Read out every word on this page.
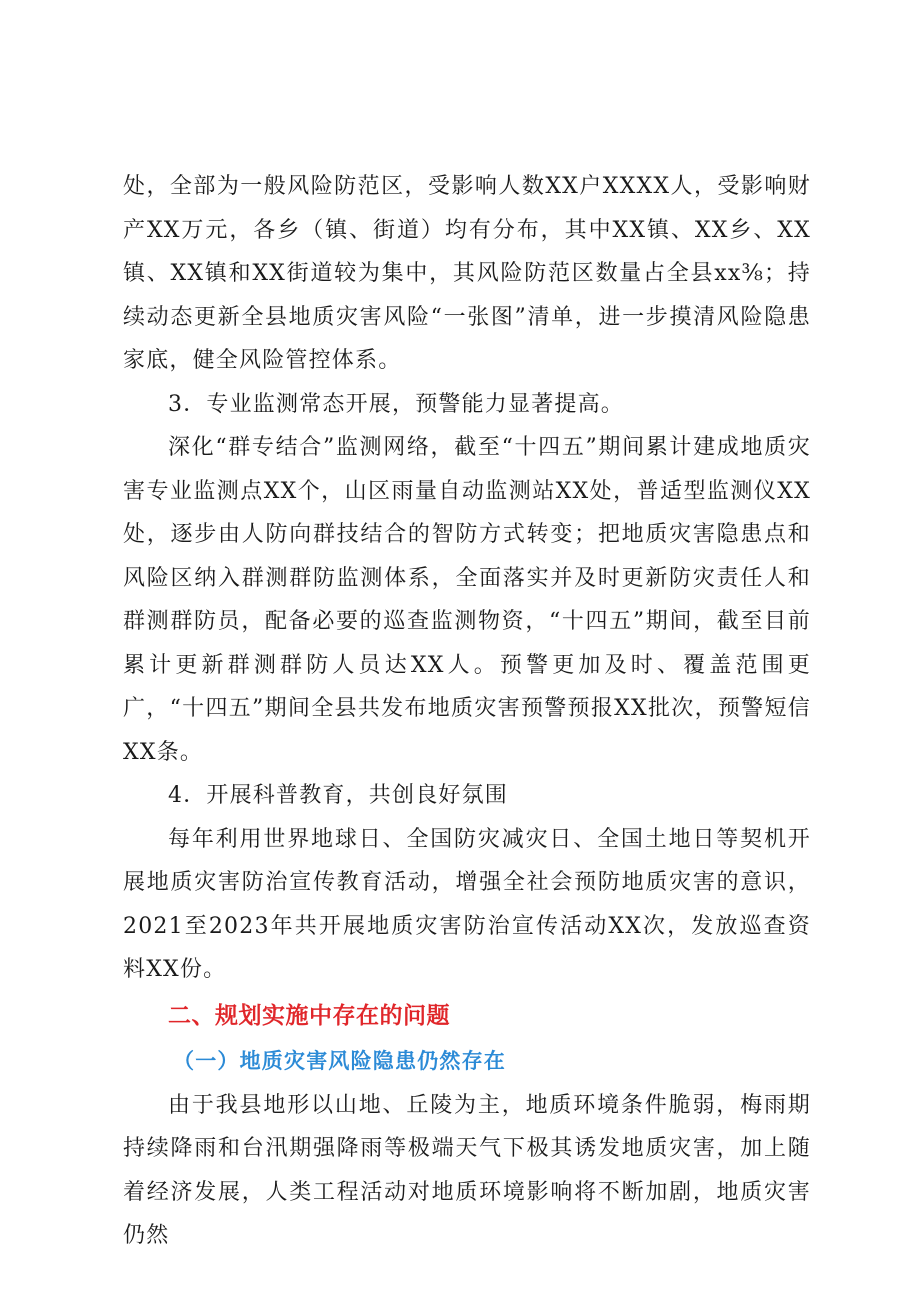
处，全部为一般风险防范区，受影响人数XX户XXXX人，受影响财产XX万元，各乡（镇、街道）均有分布，其中XX镇、XX乡、XX镇、XX镇和XX街道较为集中，其风险防范区数量占全县xx⅜；持续动态更新全县地质灾害风险“一张图”清单，进一步摸清风险隐患家底，健全风险管控体系。

3．专业监测常态开展，预警能力显著提高。

深化“群专结合”监测网络，截至“十四五”期间累计建成地质灾害专业监测点XX个，山区雨量自动监测站XX处，普适型监测仪XX处，逐步由人防向群技结合的智防方式转变；把地质灾害隐患点和风险区纳入群测群防监测体系，全面落实并及时更新防灾责任人和群测群防员，配备必要的巡查监测物资，“十四五”期间，截至目前累计更新群测群防人员达XX人。预警更加及时、覆盖范围更广，“十四五”期间全县共发布地质灾害预警预报XX批次，预警短信XX条。

4．开展科普教育，共创良好氛围

每年利用世界地球日、全国防灾减灾日、全国土地日等契机开展地质灾害防治宣传教育活动，增强全社会预防地质灾害的意识，2021至2023年共开展地质灾害防治宣传活动XX次，发放巡查资料XX份。

二、规划实施中存在的问题
（一）地质灾害风险隐患仍然存在

由于我县地形以山地、丘陵为主，地质环境条件脆弱，梅雨期持续降雨和台汛期强降雨等极端天气下极其诱发地质灾害，加上随着经济发展，人类工程活动对地质环境影响将不断加剧，地质灾害仍然
